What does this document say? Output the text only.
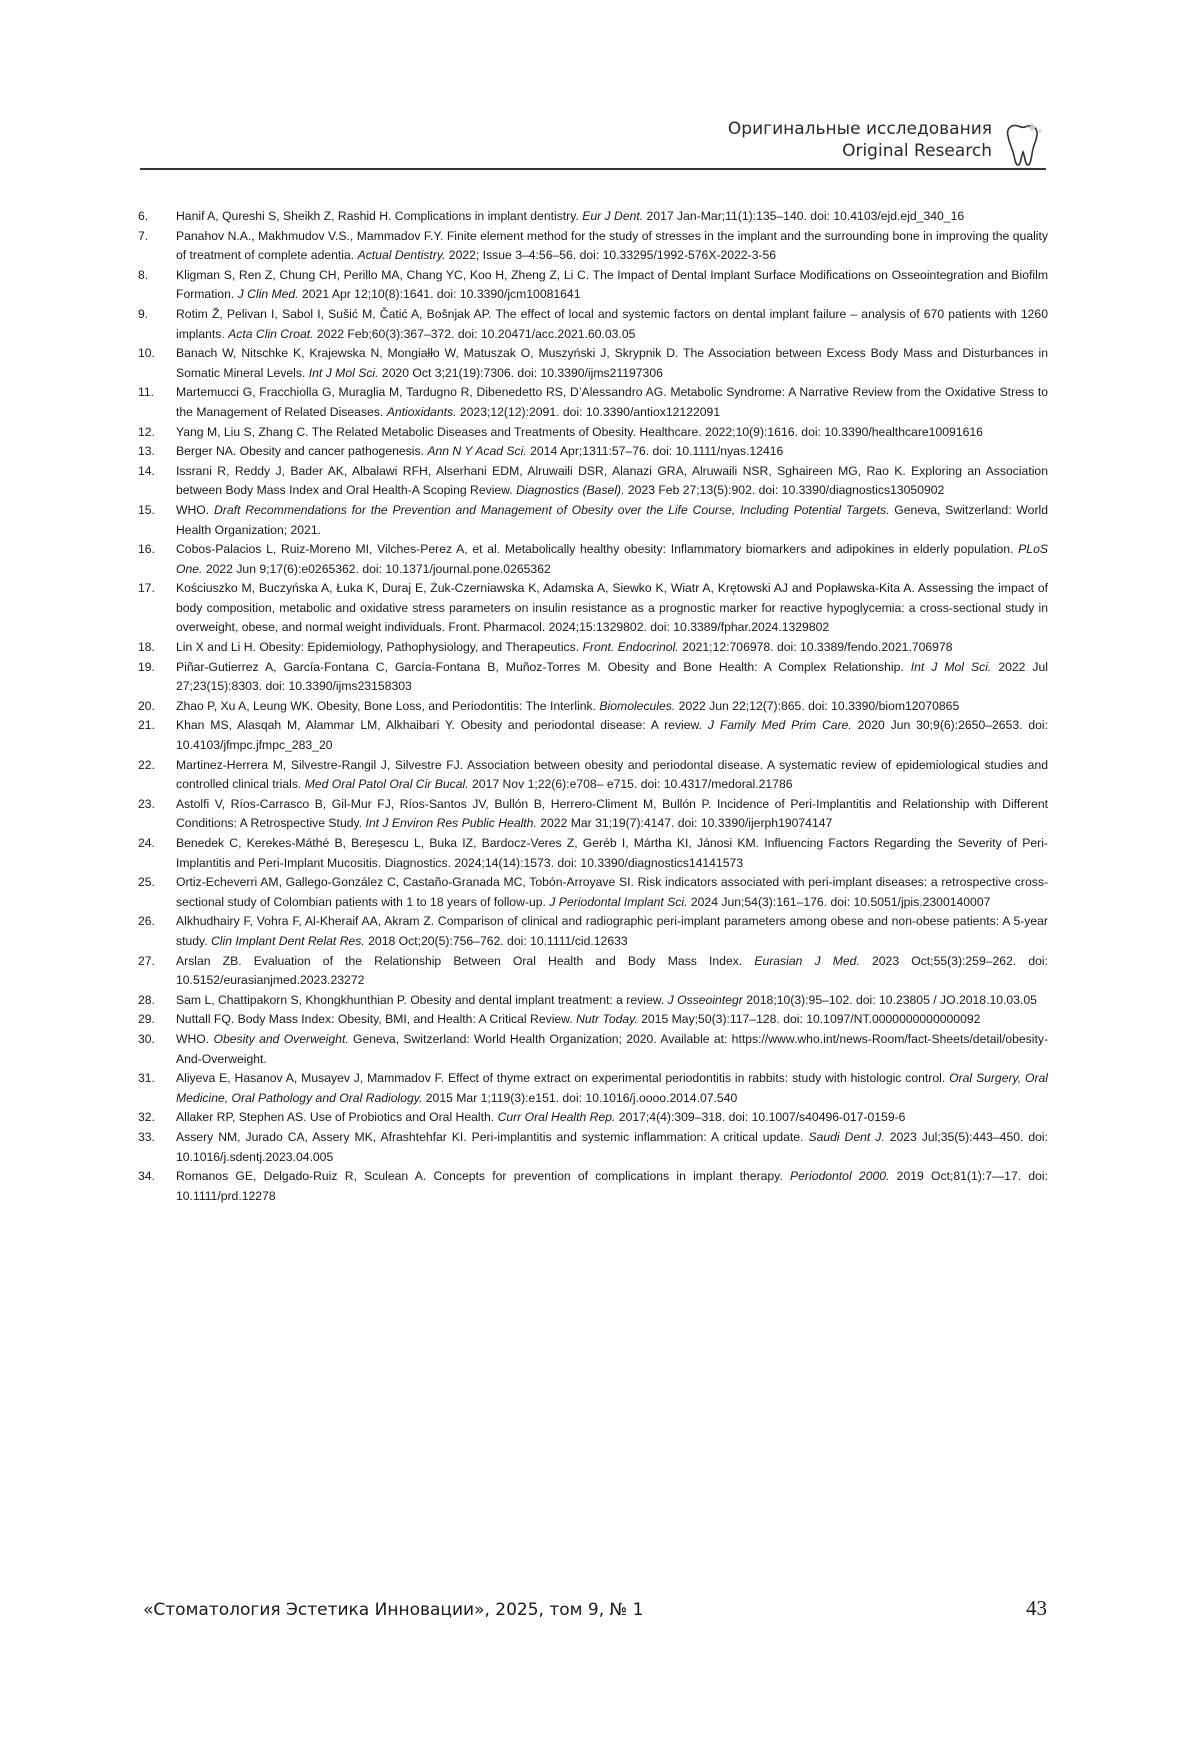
Оригинальные исследования
Original Research
6.	Hanif A, Qureshi S, Sheikh Z, Rashid H. Complications in implant dentistry. Eur J Dent. 2017 Jan-Mar;11(1):135–140. doi: 10.4103/ejd.ejd_340_16
7.	Panahov N.A., Makhmudov V.S., Mammadov F.Y. Finite element method for the study of stresses in the implant and the surrounding bone in improving the quality of treatment of complete adentia. Actual Dentistry. 2022; Issue 3–4:56–56. doi: 10.33295/1992-576X-2022-3-56
8.	Kligman S, Ren Z, Chung CH, Perillo MA, Chang YC, Koo H, Zheng Z, Li C. The Impact of Dental Implant Surface Modifications on Osseointegration and Biofilm Formation. J Clin Med. 2021 Apr 12;10(8):1641. doi: 10.3390/jcm10081641
9.	Rotim Ž, Pelivan I, Sabol I, Sušić M, Čatić A, Bošnjak AP. The effect of local and systemic factors on dental implant failure – analysis of 670 patients with 1260 implants. Acta Clin Croat. 2022 Feb;60(3):367–372. doi: 10.20471/acc.2021.60.03.05
10.	Banach W, Nitschke K, Krajewska N, Mongiałło W, Matuszak O, Muszyński J, Skrypnik D. The Association between Excess Body Mass and Disturbances in Somatic Mineral Levels. Int J Mol Sci. 2020 Oct 3;21(19):7306. doi: 10.3390/ijms21197306
11.	Martemucci G, Fracchiolla G, Muraglia M, Tardugno R, Dibenedetto RS, D’Alessandro AG. Metabolic Syndrome: A Narrative Review from the Oxidative Stress to the Management of Related Diseases. Antioxidants. 2023;12(12):2091. doi: 10.3390/antiox12122091
12.	Yang M, Liu S, Zhang C. The Related Metabolic Diseases and Treatments of Obesity. Healthcare. 2022;10(9):1616. doi: 10.3390/healthcare10091616
13.	Berger NA. Obesity and cancer pathogenesis. Ann N Y Acad Sci. 2014 Apr;1311:57–76. doi: 10.1111/nyas.12416
14.	Issrani R, Reddy J, Bader AK, Albalawi RFH, Alserhani EDM, Alruwaili DSR, Alanazi GRA, Alruwaili NSR, Sghaireen MG, Rao K. Exploring an Association between Body Mass Index and Oral Health-A Scoping Review. Diagnostics (Basel). 2023 Feb 27;13(5):902. doi: 10.3390/diagnostics13050902
15.	WHO. Draft Recommendations for the Prevention and Management of Obesity over the Life Course, Including Potential Targets. Geneva, Switzerland: World Health Organization; 2021.
16.	Cobos-Palacios L, Ruiz-Moreno MI, Vilches-Perez A, et al. Metabolically healthy obesity: Inflammatory biomarkers and adipokines in elderly population. PLoS One. 2022 Jun 9;17(6):e0265362. doi: 10.1371/journal.pone.0265362
17.	Kościuszko M, Buczyńska A, Łuka K, Duraj E, Żuk-Czerniawska K, Adamska A, Siewko K, Wiatr A, Krętowski AJ and Popławska-Kita A. Assessing the impact of body composition, metabolic and oxidative stress parameters on insulin resistance as a prognostic marker for reactive hypoglycemia: a cross-sectional study in overweight, obese, and normal weight individuals. Front. Pharmacol. 2024;15:1329802. doi: 10.3389/fphar.2024.1329802
18.	Lin X and Li H. Obesity: Epidemiology, Pathophysiology, and Therapeutics. Front. Endocrinol. 2021;12:706978. doi: 10.3389/fendo.2021.706978
19.	Piñar-Gutierrez A, García-Fontana C, García-Fontana B, Muñoz-Torres M. Obesity and Bone Health: A Complex Relationship. Int J Mol Sci. 2022 Jul 27;23(15):8303. doi: 10.3390/ijms23158303
20.	Zhao P, Xu A, Leung WK. Obesity, Bone Loss, and Periodontitis: The Interlink. Biomolecules. 2022 Jun 22;12(7):865. doi: 10.3390/biom12070865
21.	Khan MS, Alasqah M, Alammar LM, Alkhaibari Y. Obesity and periodontal disease: A review. J Family Med Prim Care. 2020 Jun 30;9(6):2650–2653. doi: 10.4103/jfmpc.jfmpc_283_20
22.	Martinez-Herrera M, Silvestre-Rangil J, Silvestre FJ. Association between obesity and periodontal disease. A systematic review of epidemiological studies and controlled clinical trials. Med Oral Patol Oral Cir Bucal. 2017 Nov 1;22(6):e708– e715. doi: 10.4317/medoral.21786
23.	Astolfi V, Ríos-Carrasco B, Gil-Mur FJ, Ríos-Santos JV, Bullón B, Herrero-Climent M, Bullón P. Incidence of Peri-Implantitis and Relationship with Different Conditions: A Retrospective Study. Int J Environ Res Public Health. 2022 Mar 31;19(7):4147. doi: 10.3390/ijerph19074147
24.	Benedek C, Kerekes-Máthé B, Bereșescu L, Buka IZ, Bardocz-Veres Z, Geréb I, Mártha KI, Jánosi KM. Influencing Factors Regarding the Severity of Peri-Implantitis and Peri-Implant Mucositis. Diagnostics. 2024;14(14):1573. doi: 10.3390/diagnostics14141573
25.	Ortiz-Echeverri AM, Gallego-González C, Castaño-Granada MC, Tobón-Arroyave SI. Risk indicators associated with peri-implant diseases: a retrospective cross-sectional study of Colombian patients with 1 to 18 years of follow-up. J Periodontal Implant Sci. 2024 Jun;54(3):161–176. doi: 10.5051/jpis.2300140007
26.	Alkhudhairy F, Vohra F, Al-Kheraif AA, Akram Z. Comparison of clinical and radiographic peri-implant parameters among obese and non-obese patients: A 5-year study. Clin Implant Dent Relat Res. 2018 Oct;20(5):756–762. doi: 10.1111/cid.12633
27.	Arslan ZB. Evaluation of the Relationship Between Oral Health and Body Mass Index. Eurasian J Med. 2023 Oct;55(3):259–262. doi: 10.5152/eurasianjmed.2023.23272
28.	Sam L, Chattipakorn S, Khongkhunthian P. Obesity and dental implant treatment: a review. J Osseointegr 2018;10(3):95–102. doi: 10.23805 / JO.2018.10.03.05
29.	Nuttall FQ. Body Mass Index: Obesity, BMI, and Health: A Critical Review. Nutr Today. 2015 May;50(3):117–128. doi: 10.1097/NT.0000000000000092
30.	WHO. Obesity and Overweight. Geneva, Switzerland: World Health Organization; 2020. Available at: https://www.who.int/news-Room/fact-Sheets/detail/obesity-And-Overweight.
31.	Aliyeva E, Hasanov A, Musayev J, Mammadov F. Effect of thyme extract on experimental periodontitis in rabbits: study with histologic control. Oral Surgery, Oral Medicine, Oral Pathology and Oral Radiology. 2015 Mar 1;119(3):e151. doi: 10.1016/j.oooo.2014.07.540
32.	Allaker RP, Stephen AS. Use of Probiotics and Oral Health. Curr Oral Health Rep. 2017;4(4):309–318. doi: 10.1007/s40496-017-0159-6
33.	Assery NM, Jurado CA, Assery MK, Afrashtehfar KI. Peri-implantitis and systemic inflammation: A critical update. Saudi Dent J. 2023 Jul;35(5):443–450. doi: 10.1016/j.sdentj.2023.04.005
34.	Romanos GE, Delgado-Ruiz R, Sculean A. Concepts for prevention of complications in implant therapy. Periodontol 2000. 2019 Oct;81(1):7—17. doi: 10.1111/prd.12278
«Стоматология Эстетика Инновации», 2025, том 9, № 1	43
